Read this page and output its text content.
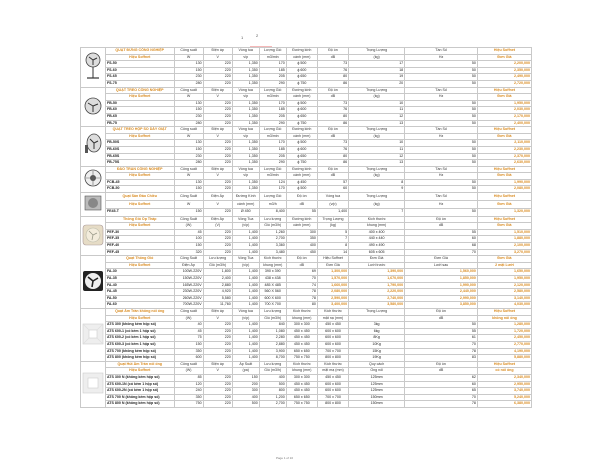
1	2
	QUẠT ĐỨNG CÔNG NGHIỆP	Công suất	Điện áp	Vòng tua	Lượng Gió	Đường kính	Độ ồn	Trọng Lượng	Tần Số	Hiệu Soffnet
	Hiệu Soffnet	W	V	v/p	m3/min	cánh (mm)	dB	(kg)	Hz	Đơn Giá
	FS-50	130	220	1,350	170	ϕ 500	73	17	50	2,200,000
	FS-60	150	220	1,350	185	ϕ 600	76	18	50	2,350,000
	FS-65	230	220	1,350	205	ϕ 650	80	19	50	2,490,000
	FS-75	280	220	1,350	290	ϕ 750	86	20	50	2,720,000
	QUẠT TREO CÔNG NGHIỆP	Công suất	Điện áp	Vòng tua	Lượng Gió	Đường kính	Độ ồn	Trọng Lượng	Tần Số	Hiệu Soffnet
	Hiệu Soffnet	W	V	v/p	m3/min	cánh (mm)	dB	(kg)	Hz	Đơn Giá
	FB-50	130	220	1,350	170	ϕ 500	73	10	50	1,950,000
	FB-60	150	220	1,350	185	ϕ 600	76	11	50	2,030,000
	FB-65	230	220	1,350	205	ϕ 650	80	12	50	2,170,000
	FB-75	280	220	1,350	290	ϕ 750	86	13	50	2,400,000
	QUẠT TREO HỘP SỐ DÂY GIẬT	Công suất	Điện áp	Vòng tua	Lượng Gió	Đường kính	Độ ồn	Trọng Lượng	Tần Số	Hiệu Soffnet
	Hiệu Soffnet	W	V	v/p	m3/min	cánh (mm)	dB	(kg)	Hz	Đơn Giá
	FB-50S	130	220	1,350	170	ϕ 500	73	10	50	2,110,000
	FB-60S	150	220	1,350	185	ϕ 600	76	11	50	2,230,000
	FB-65S	230	220	1,350	205	ϕ 650	80	12	50	2,370,000
	FB-75S	280	220	1,350	290	ϕ 750	86	13	50	2,630,000
	ĐẢO TRẦN CÔNG NGHIỆP	Công suất	Điện áp	Vòng tua	Lượng Gió	Đường kính	Độ ồn	Trọng Lượng	Tần Số	Hiệu Soffnet
	Hiệu Soffnet	W	V	v/p	m3/min	cánh (mm)	dB	(kg)	Hz	Đơn Giá
	FCB-45	130	220	1,350	124	ϕ 450	57	8	50	1,990,000
	FCB-50	150	220	1,350	170	ϕ 500	60	9	50	2,080,000
	Quạt Sàn Đảo Chiều	Công Suất	Điện Áp	Đường Kính	Lượng Gió	Độ ồn	Vòng tua	Trọng Lượng	Tần Số	Hiệu Soffnet
	Hiệu Soffnet	W	V	cánh (mm)	m3/h	dB	(v/p)	(kg)	Hz	Đơn Giá
	FE45-T	150	220	Ø 450	8,400	55	1,400	7	50	1,320,000
	Thông Gió Ốp Thấp	Công Suất	Điện Áp	Vòng Tua	Lưu lượng	Đường kính	Trọng Lượng	Kích thước	Độ ồn	Hiệu Soffnet
	Hiệu Soffnet	(W)	(V)	(v/p)	Gió (m3/h)	cánh (mm)	(kg)	khung (mm)	dB	Đơn Giá
	PEF-30	45	220	1,400	1,260	300	5	400 x 400	55	1,510,000
	PEF-35	100	220	1,400	2,700	350	7	440 x 440	60	1,880,000
	PEF-40	150	220	1,400	3,360	400	8	490 x 490	68	2,100,000
	PEF-45	320	220	1,400	3,480	450	14	605 x 605	70	3,270,000
	Quạt Thông Gió	Công Suất	Lưu lượng	Vòng Tua	Kích thước	Độ ồn	Hiệu Soffnet	Đơn Giá	Đơn Giá	Đơn Giá
	Hiệu Soffnet	Điện Áp	Gió (m3/h)	(v/p)	khung (mm)	dB	Đơn Giá	Lưới trước	Lưới sau	2 mặt Lưới
	FA-30	100W-220V	1,800	1,400	390 x 390	69	1,300,000	1,390,000	1,560,000	1,650,000
	FA-35	150W-220V	2,400	1,400	438 x 438	70	1,570,000	1,670,000	1,850,000	1,950,000
	FA-40	165W-220V	2,880	1,400	485 X 485	74	1,660,000	1,790,000	1,990,000	2,120,000
	FA-45	230W-220V	4,920	1,400	560 X 560	78	2,080,000	2,220,000	2,440,000	2,580,000
	FA-50	260W-220V	5,580	1,400	600 X 600	78	2,590,000	2,740,000	2,990,000	3,140,000
	FA-60	700W-220V	11,760	1,400	700 X 700	80	3,400,000	3,580,000	3,850,000	4,030,000
	Quạt Âm Trần không nối ống	Công suất	Điện áp	Vòng tua	Lưu lượng	Kích thước	Kích thước	Trọng Lượng	Độ ồn	Hiệu Soffnet
	Hiệu Soffnet	(W)	V	(v/p)	Gió (m3/h)	khung (mm)	mặt nạ (mm)		dB	không nối ống
	ATS 300 (không kèm hộp số)	40	220	1,400	840	300 x 300	450 x 450	3kg	50	1,280,000
	ATS 600-1 (có kèm 1 hộp số)	45	220	1,400	1,080	450 x 450	600 x 600	6kg	55	1,720,000
	ATS 600-2 (có kèm 1 hộp số)	75	220	1,400	2,280	450 x 450	600 x 600	8Kg	61	2,450,000
	ATS 600-3 (có kèm 1 hộp số)	150	220	1,400	2,880	450 x 450	600 x 600	10Kg	70	2,770,000
	ATS 700 (không kèm hộp số)	350	220	1,400	3,900	650 x 650	700 x 700	15Kg	78	4,190,000
	ATS 800 (không kèm hộp số)	600	220	1,400	8,700	750 x 750	800 x 800	19Kg	83	5,880,000
	Quạt Hút Âm Trần nối ống	Công suất	Điện áp	Áp Suất	Lưu lượng	Kích thước	Kích thước	Quy cách	Độ ồn	Hiệu Soffnet
	Hiệu Soffnet	(W)	V	(pa)	Gió (m3/h)	khung (mm)	mặt mạ (mm)	Ống nối	dB	có nối ống
	ATS 300 N (không kèm hộp số)	85	220	150	400	300 x 300	450 x 450	125mm	62	2,340,000
	ATS 600-1N (có kèm 1 hộp số)	120	220	200	500	450 x 450	600 x 600	125mm	60	2,950,000
	ATS 600-2N (có kèm 1 hộp số)	240	220	300	800	450 x 450	600 x 600	125mm	65	3,740,000
	ATS 700 N (không kèm hộp số)	350	220	400	1,200	650 x 650	700 x 700	150mm	70	5,240,000
	ATS 800 N (không kèm hộp số)	750	220	500	2,700	750 x 750	800 x 800	150mm	78	6,380,000
Page 1 of 10
